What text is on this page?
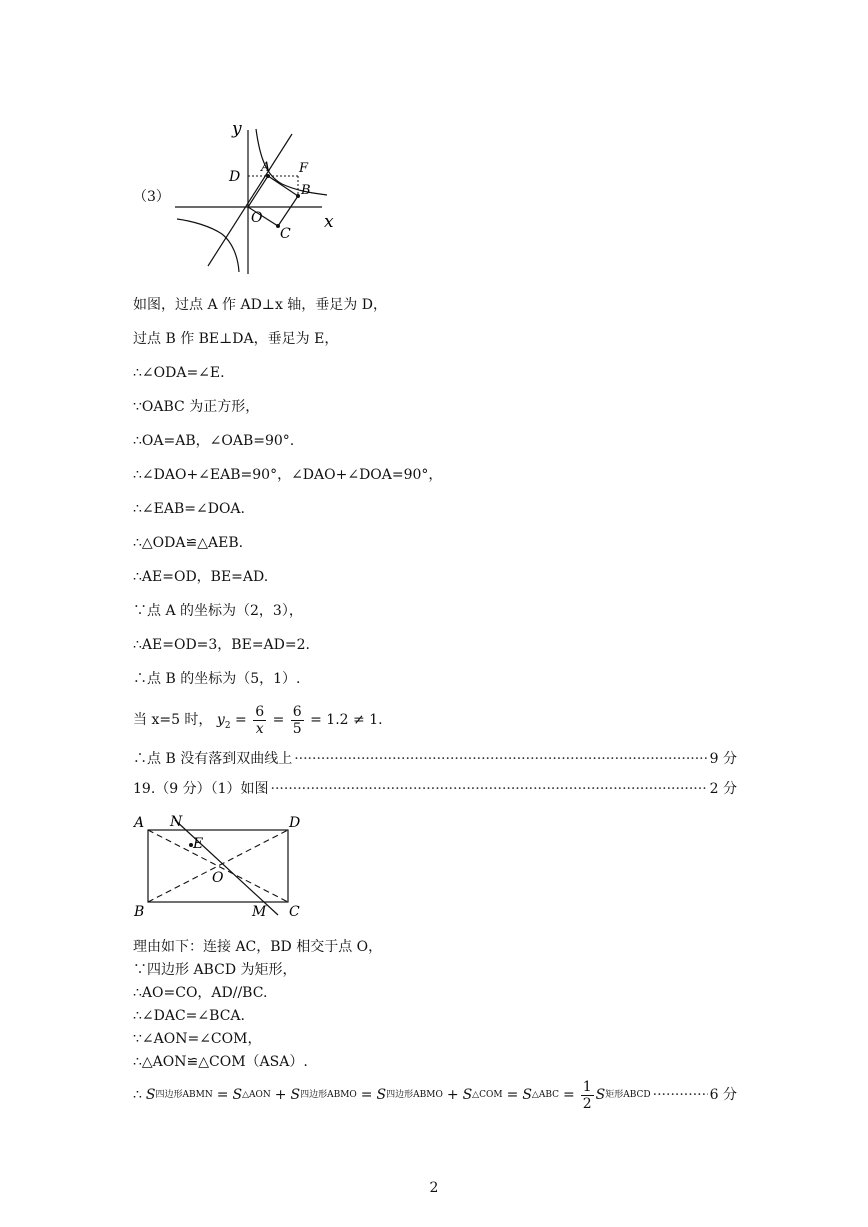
（3）
y
x
D
A F
B
O
C
如图，过点 A 作 AD⊥x 轴，垂足为 D，
过点 B 作 BE⊥DA，垂足为 E，
∴∠ODA=∠E.
∵OABC 为正方形，
∴OA=AB，∠OAB=90°.
∴∠DAO+∠EAB=90°，∠DAO+∠DOA=90°，
∴∠EAB=∠DOA.
∴△ODA≌△AEB.
∴AE=OD，BE=AD.
∵点 A 的坐标为（2，3），
∴AE=OD=3，BE=AD=2.
∴点 B 的坐标为（5，1）.
当 x=5 时， $y_2 = \frac{6}{x} = \frac{6}{5} = 1.2 \ne 1$.
∴点 B 没有落到双曲线上 ·····	9 分
19.（9 分）（1）如图 ·····	2 分
A N	D
E
O
B	M C
理由如下：连接 AC，BD 相交于点 O，
∵四边形 ABCD 为矩形，
∴AO=CO，AD//BC.
∴∠DAC=∠BCA.
∵∠AON=∠COM，
∴△AON≌△COM（ASA）.
∴ S 四边形ABMN = S △AON + S 四边形ABMO = S 四边形ABMO + S △COM = S △ABC = $\frac{1}{2}$ S 矩形ABCD ·····	6 分
2
